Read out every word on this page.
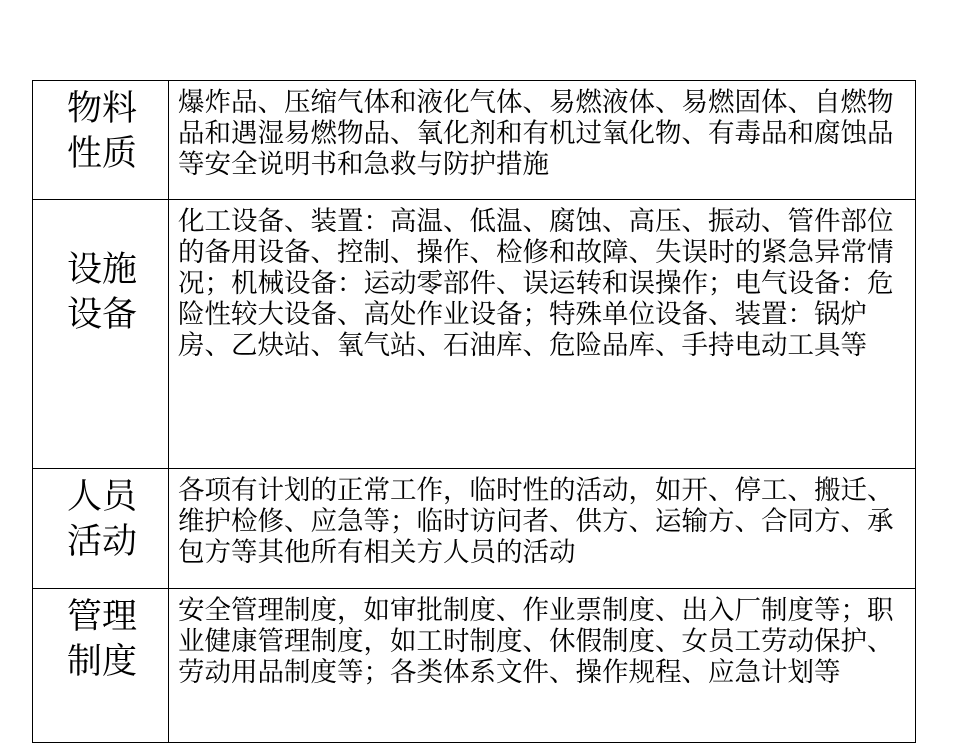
物料性质	爆炸品、压缩气体和液化气体、易燃液体、易燃固体、自燃物品和遇湿易燃物品、氧化剂和有机过氧化物、有毒品和腐蚀品等安全说明书和急救与防护措施

设施设备	化工设备、装置：高温、低温、腐蚀、高压、振动、管件部位的备用设备、控制、操作、检修和故障、失误时的紧急异常情况；机械设备：运动零部件、误运转和误操作；电气设备：危险性较大设备、高处作业设备；特殊单位设备、装置：锅炉房、乙炔站、氧气站、石油库、危险品库、手持电动工具等

人员活动	各项有计划的正常工作，临时性的活动，如开、停工、搬迁、维护检修、应急等；临时访问者、供方、运输方、合同方、承包方等其他所有相关方人员的活动

管理制度	安全管理制度，如审批制度、作业票制度、出入厂制度等；职业健康管理制度，如工时制度、休假制度、女员工劳动保护、劳动用品制度等；各类体系文件、操作规程、应急计划等
